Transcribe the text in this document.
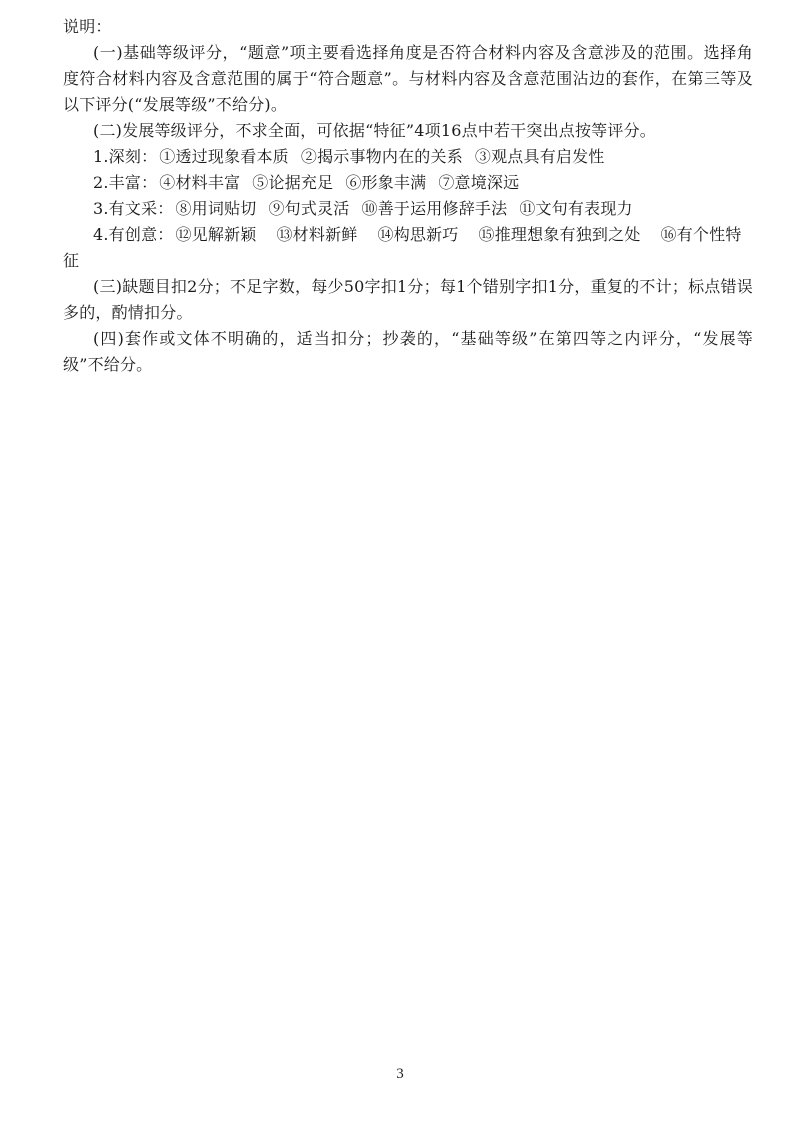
说明：
(一)基础等级评分，“题意”项主要看选择角度是否符合材料内容及含意涉及的范围。选择角度符合材料内容及含意范围的属于“符合题意”。与材料内容及含意范围沾边的套作，在第三等及以下评分(“发展等级”不给分)。
(二)发展等级评分，不求全面，可依据“特征”4项16点中若干突出点按等评分。
1.深刻： ①透过现象看本质 ②揭示事物内在的关系 ③观点具有启发性
2.丰富： ④材料丰富 ⑤论据充足 ⑥形象丰满 ⑦意境深远
3.有文采： ⑧用词贴切 ⑨句式灵活 ⑩善于运用修辞手法 ⑪文句有表现力
4.有创意： ⑫见解新颖 ⑬材料新鲜 ⑭构思新巧 ⑮推理想象有独到之处 ⑯有个性特征
(三)缺题目扣2分；不足字数，每少50字扣1分；每1个错别字扣1分，重复的不计；标点错误多的，酌情扣分。
(四)套作或文体不明确的，适当扣分；抄袭的，“基础等级”在第四等之内评分，“发展等级”不给分。
3
